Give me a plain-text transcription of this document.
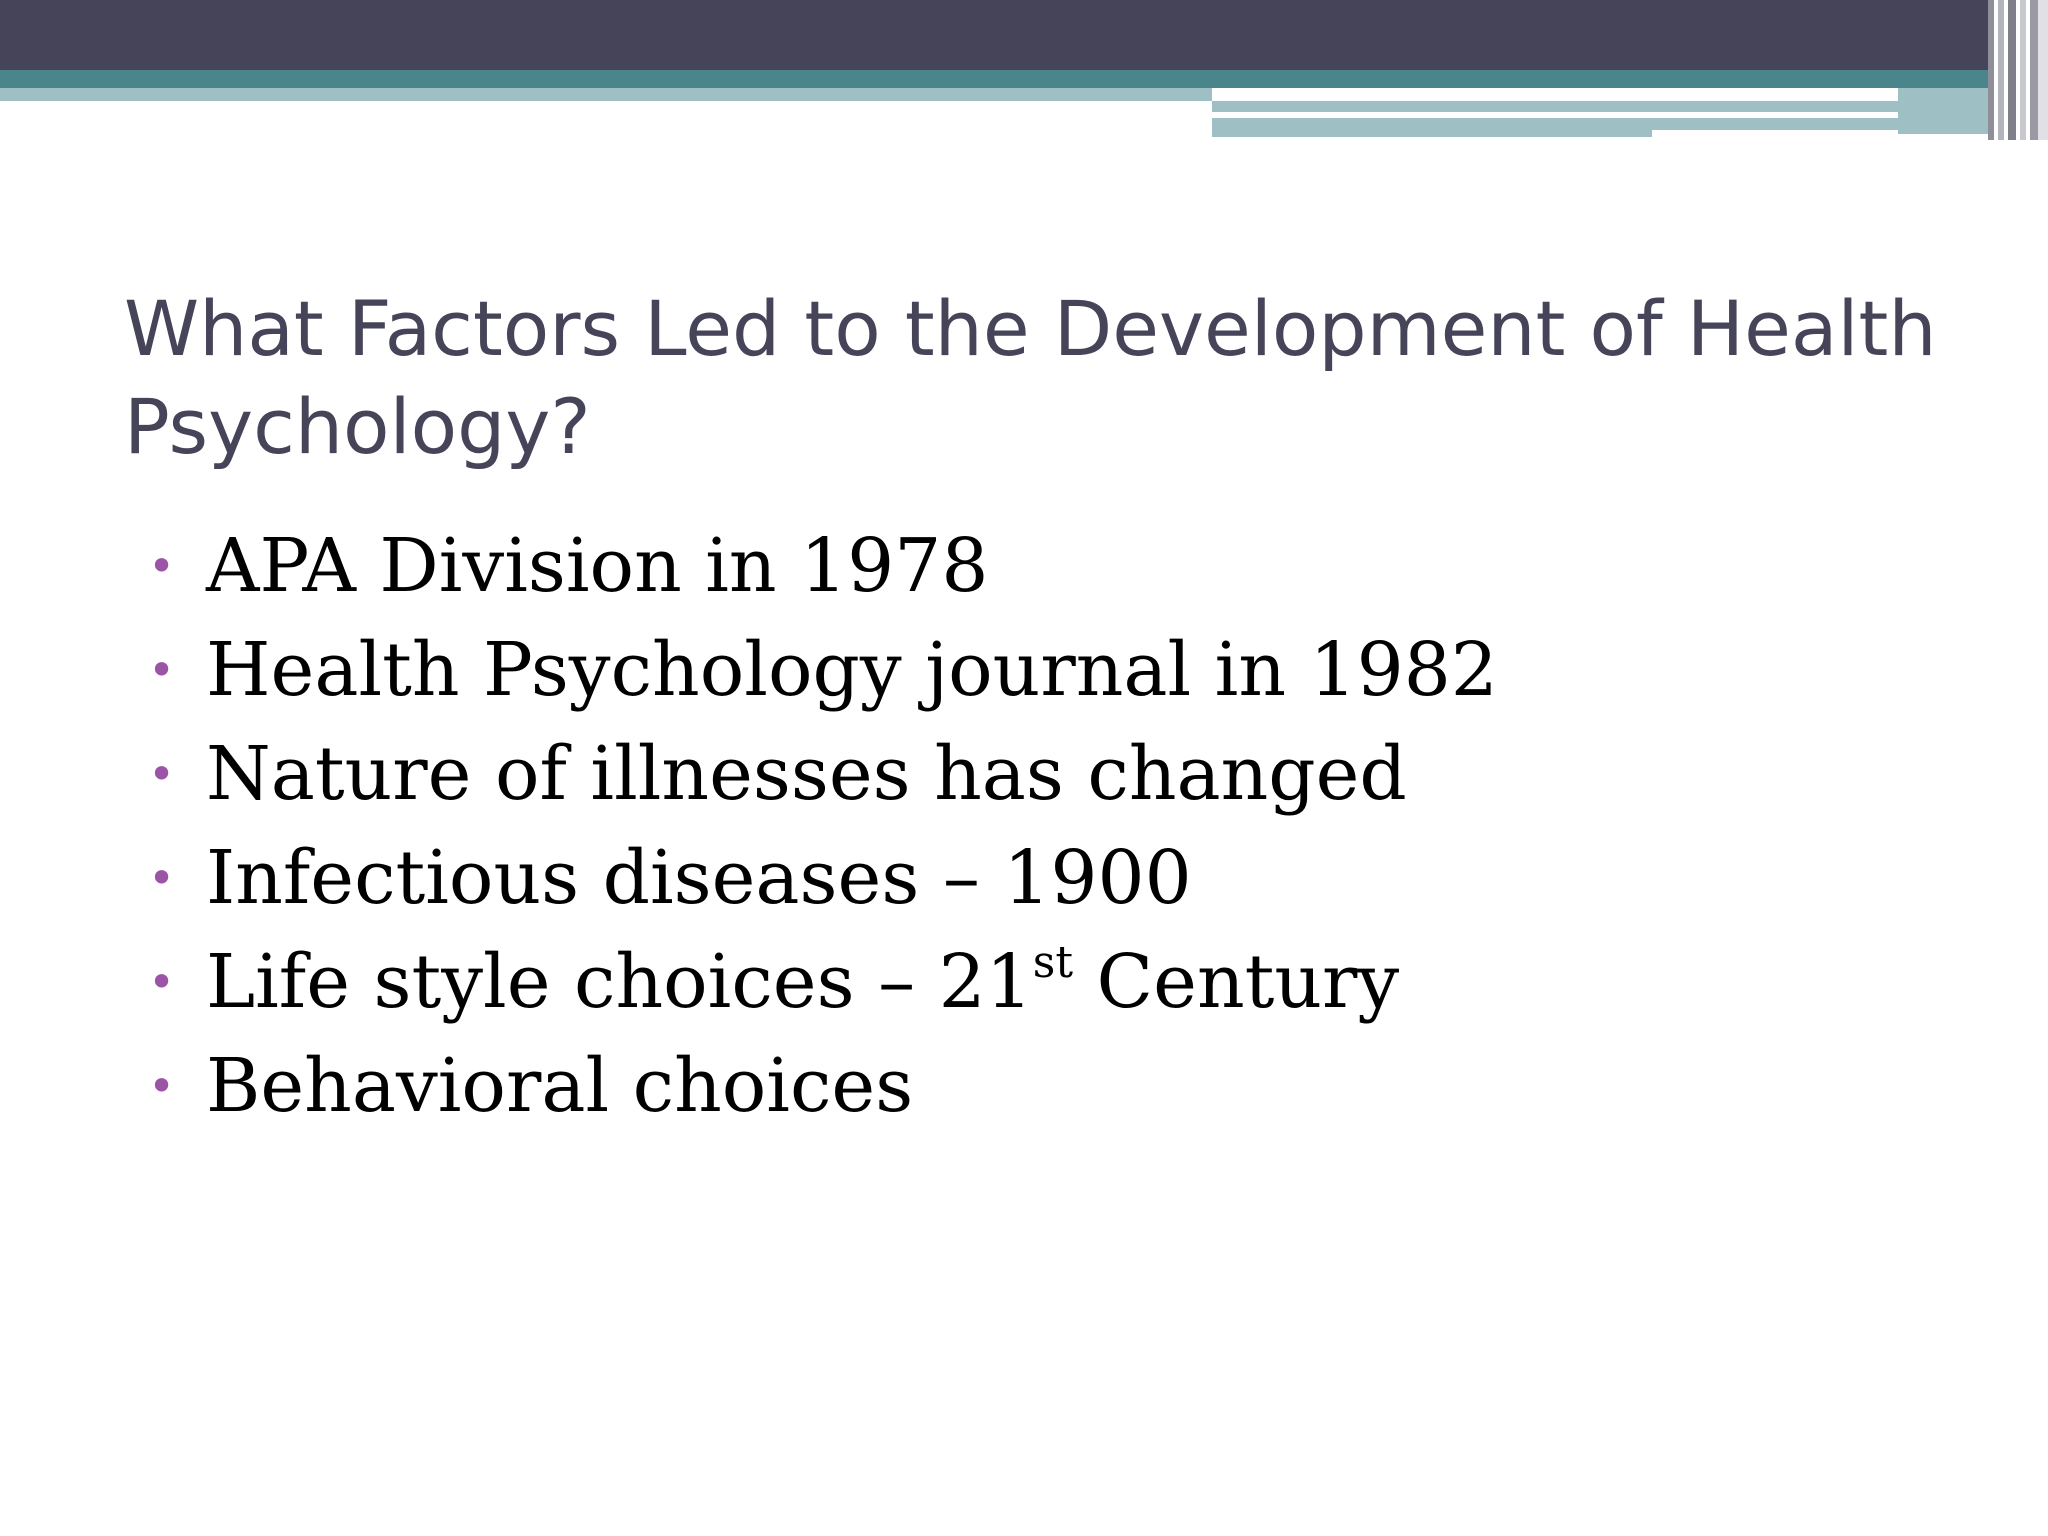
What Factors Led to the Development of Health Psychology?
• APA Division in 1978
• Health Psychology journal in 1982
• Nature of illnesses has changed
• Infectious diseases – 1900
• Life style choices – 21st Century
• Behavioral choices
